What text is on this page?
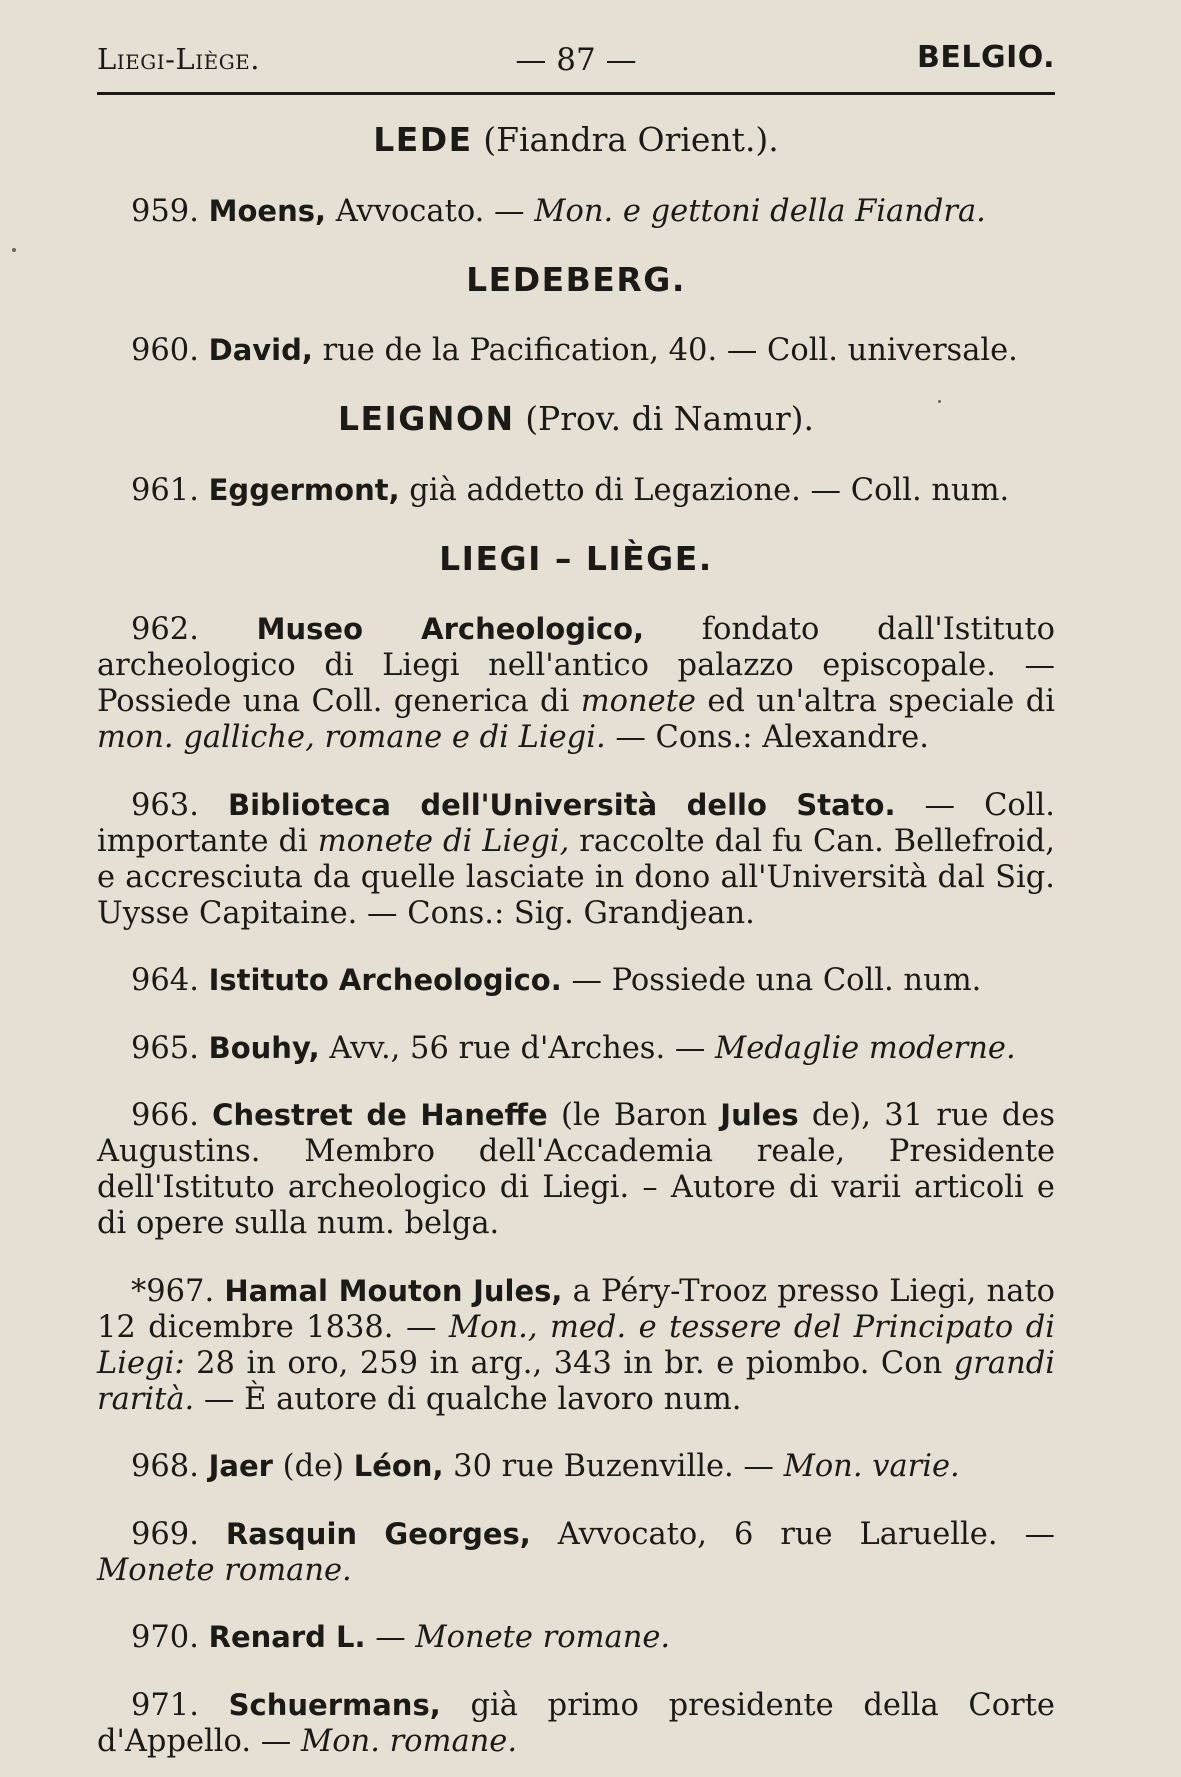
Liegi-Liège.	— 87 —	BELGIO.
LEDE (Fiandra Orient.).

959. Moens, Avvocato. — Mon. e gettoni della Fiandra.

LEDEBERG.

960. David, rue de la Pacification, 40. — Coll. universale.

LEIGNON (Prov. di Namur).

961. Eggermont, già addetto di Legazione. — Coll. num.

LIEGI – LIÈGE.

962. Museo Archeologico, fondato dall'Istituto archeologico di Liegi nell'antico palazzo episcopale. — Possiede una Coll. generica di monete ed un'altra speciale di mon. galliche, romane e di Liegi. — Cons.: Alexandre.

963. Biblioteca dell'Università dello Stato. — Coll. importante di monete di Liegi, raccolte dal fu Can. Bellefroid, e accresciuta da quelle lasciate in dono all'Università dal Sig. Uysse Capitaine. — Cons.: Sig. Grandjean.

964. Istituto Archeologico. — Possiede una Coll. num.

965. Bouhy, Avv., 56 rue d'Arches. — Medaglie moderne.

966. Chestret de Haneffe (le Baron Jules de), 31 rue des Augustins. Membro dell'Accademia reale, Presidente dell'Istituto archeologico di Liegi. – Autore di varii articoli e di opere sulla num. belga.

*967. Hamal Mouton Jules, a Péry-Trooz presso Liegi, nato 12 dicembre 1838. — Mon., med. e tessere del Principato di Liegi: 28 in oro, 259 in arg., 343 in br. e piombo. Con grandi rarità. — È autore di qualche lavoro num.

968. Jaer (de) Léon, 30 rue Buzenville. — Mon. varie.

969. Rasquin Georges, Avvocato, 6 rue Laruelle. — Monete romane.

970. Renard L. — Monete romane.

971. Schuermans, già primo presidente della Corte d'Appello. — Mon. romane.
